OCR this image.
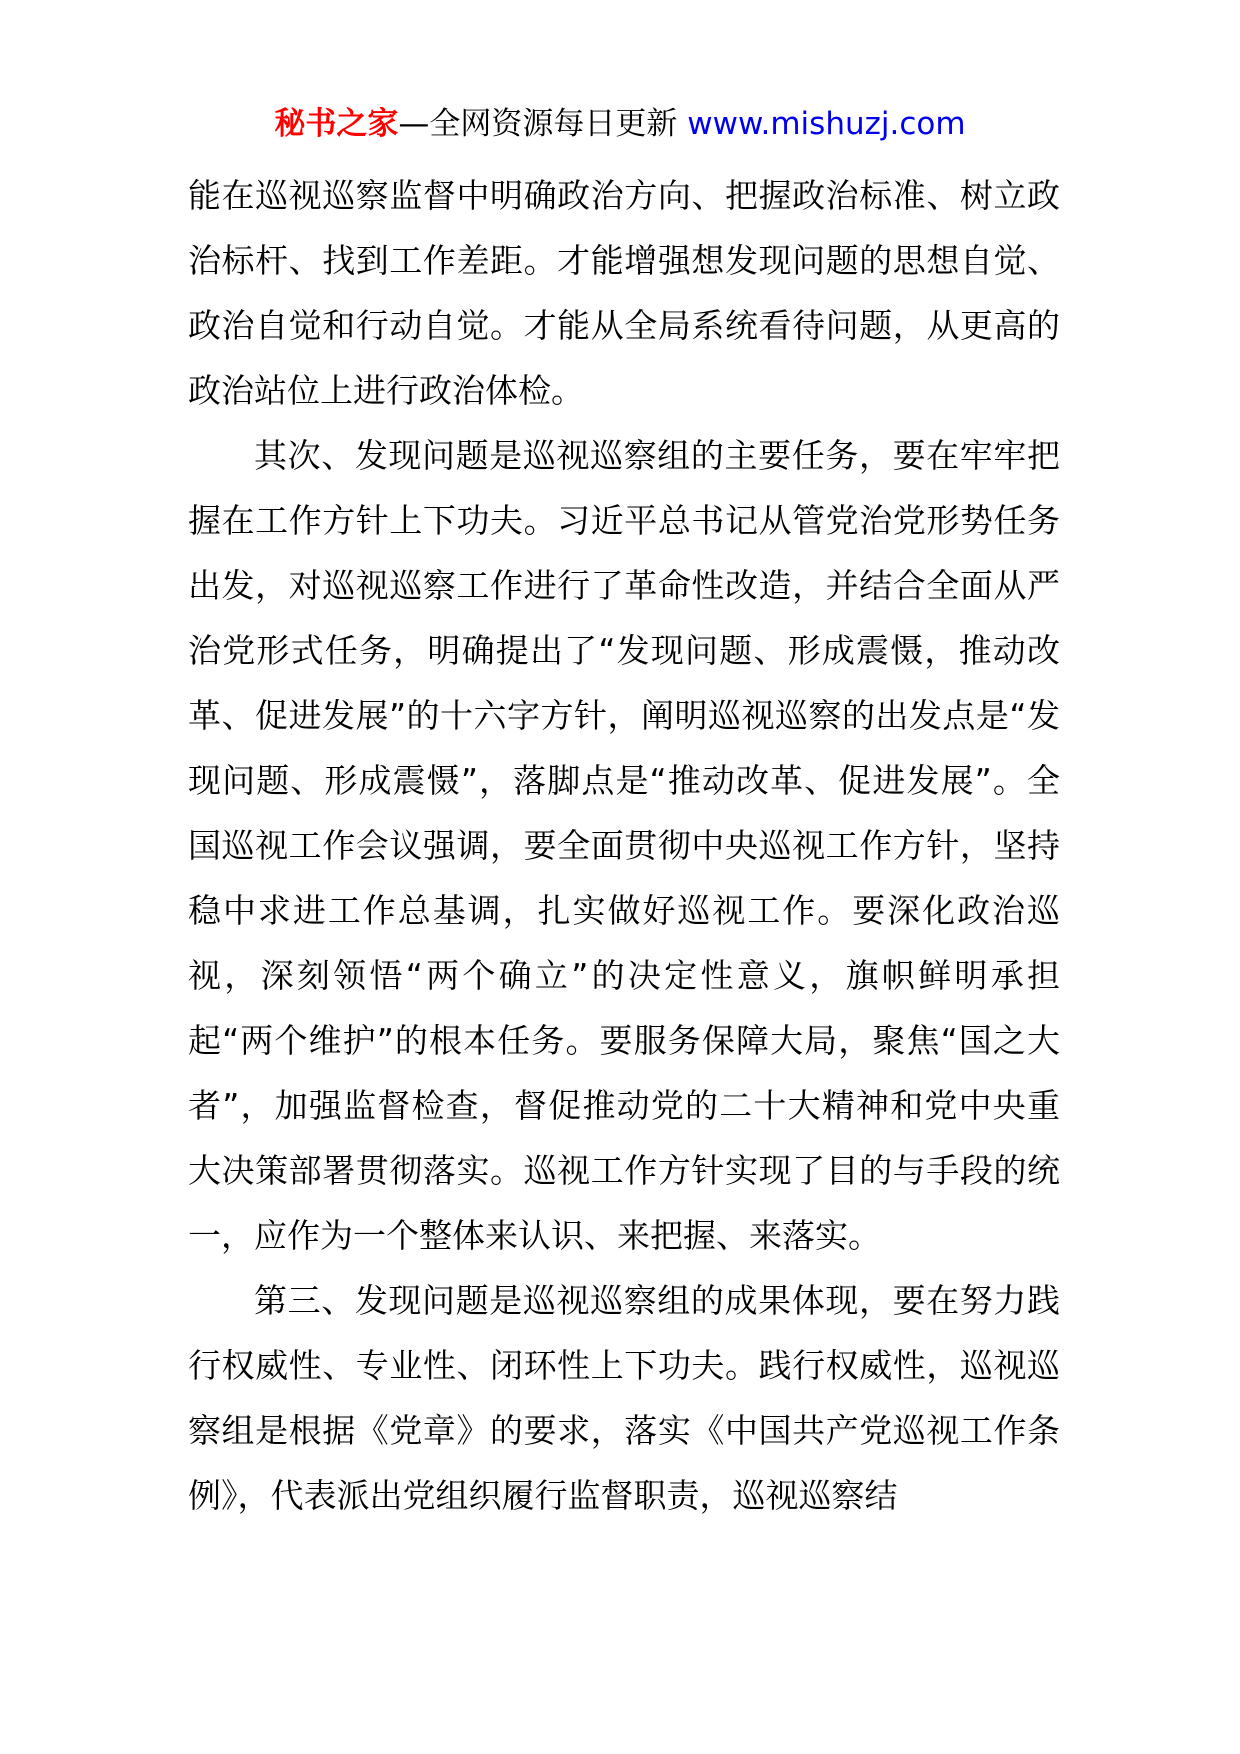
秘书之家—全网资源每日更新 www.mishuzj.com

能在巡视巡察监督中明确政治方向、把握政治标准、树立政治标杆、找到工作差距。才能增强想发现问题的思想自觉、政治自觉和行动自觉。才能从全局系统看待问题，从更高的政治站位上进行政治体检。

其次、发现问题是巡视巡察组的主要任务，要在牢牢把握在工作方针上下功夫。习近平总书记从管党治党形势任务出发，对巡视巡察工作进行了革命性改造，并结合全面从严治党形式任务，明确提出了“发现问题、形成震慑，推动改革、促进发展”的十六字方针，阐明巡视巡察的出发点是“发现问题、形成震慑”，落脚点是“推动改革、促进发展”。全国巡视工作会议强调，要全面贯彻中央巡视工作方针，坚持稳中求进工作总基调，扎实做好巡视工作。要深化政治巡视，深刻领悟“两个确立”的决定性意义，旗帜鲜明承担起“两个维护”的根本任务。要服务保障大局，聚焦“国之大者”，加强监督检查，督促推动党的二十大精神和党中央重大决策部署贯彻落实。巡视工作方针实现了目的与手段的统一，应作为一个整体来认识、来把握、来落实。

第三、发现问题是巡视巡察组的成果体现，要在努力践行权威性、专业性、闭环性上下功夫。践行权威性，巡视巡察组是根据《党章》的要求，落实《中国共产党巡视工作条例》，代表派出党组织履行监督职责，巡视巡察结
